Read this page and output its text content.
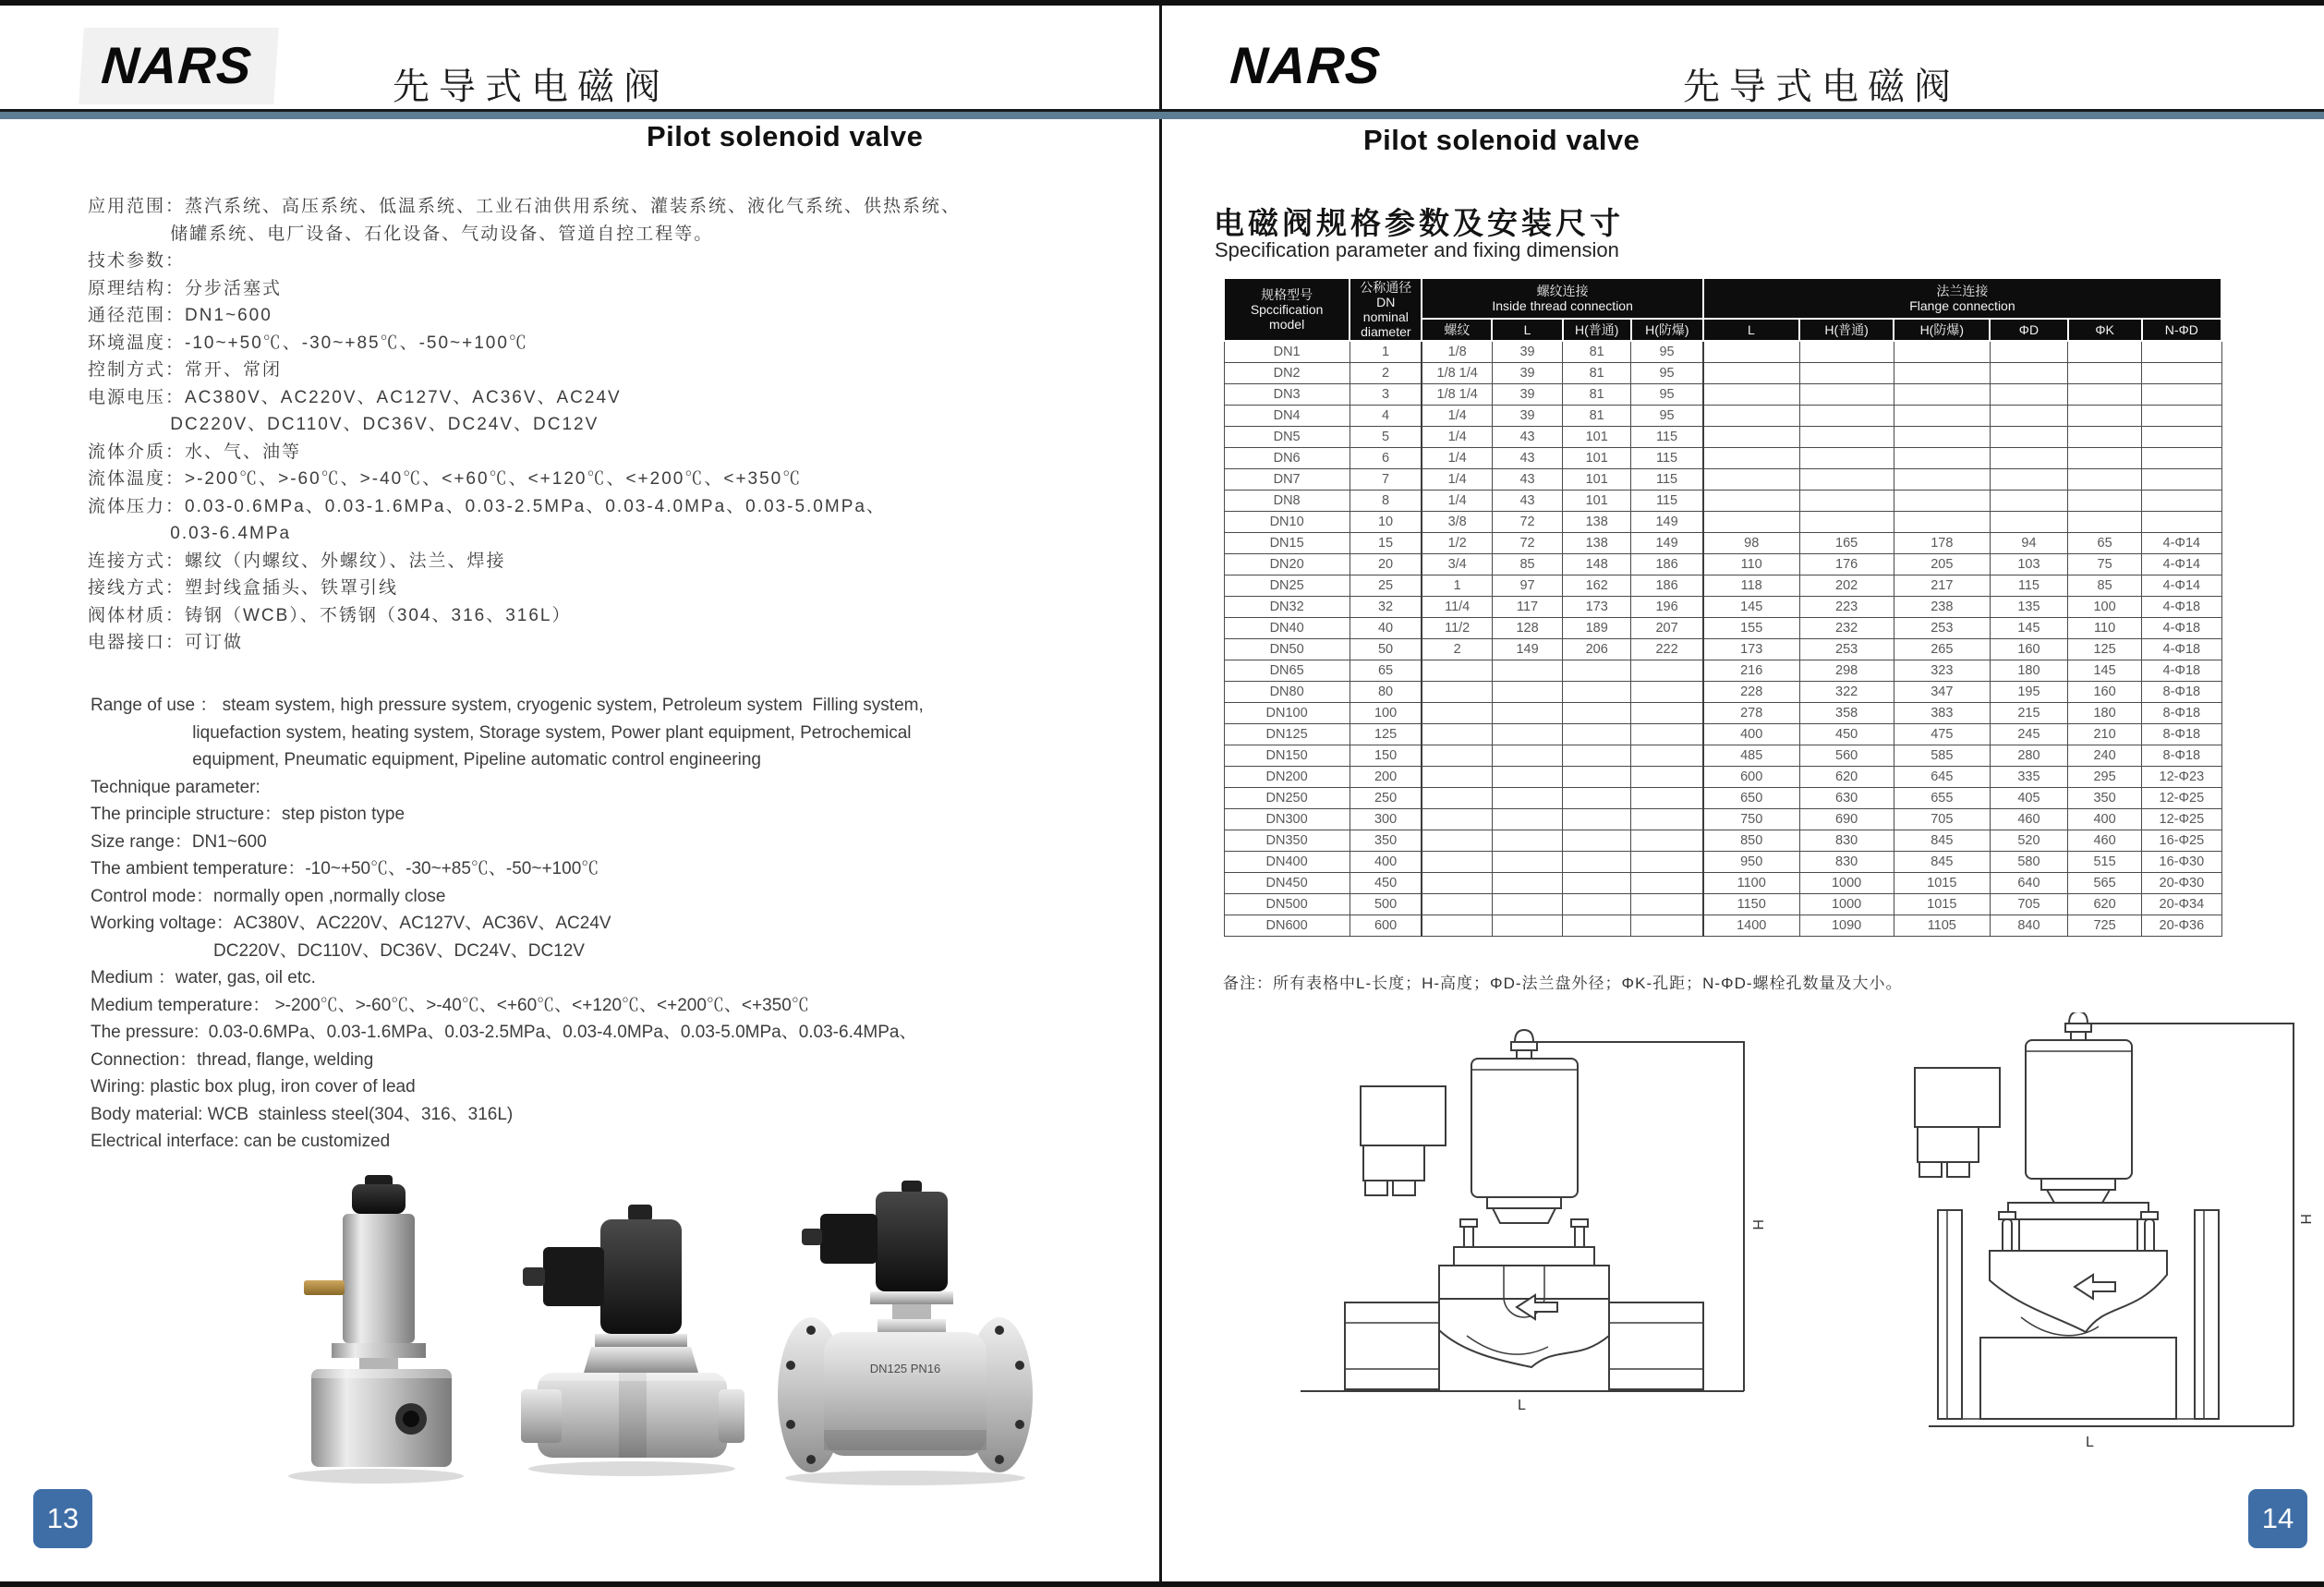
NARS	先导式电磁阀
Pilot solenoid valve
应用范围：蒸汽系统、高压系统、低温系统、工业石油供用系统、灌装系统、液化气系统、供热系统、
储罐系统、电厂设备、石化设备、气动设备、管道自控工程等。
技术参数：
原理结构：分步活塞式
通径范围：DN1~600
环境温度：-10~+50℃、-30~+85℃、-50~+100℃
控制方式：常开、常闭
电源电压：AC380V、AC220V、AC127V、AC36V、AC24V
DC220V、DC110V、DC36V、DC24V、DC12V
流体介质：水、气、油等
流体温度：>-200℃、>-60℃、>-40℃、<+60℃、<+120℃、<+200℃、<+350℃
流体压力：0.03-0.6MPa、0.03-1.6MPa、0.03-2.5MPa、0.03-4.0MPa、0.03-5.0MPa、
0.03-6.4MPa
连接方式：螺纹（内螺纹、外螺纹）、法兰、焊接
接线方式：塑封线盒插头、铁罩引线
阀体材质：铸钢（WCB）、不锈钢（304、316、316L）
电器接口：可订做
Range of use ： steam system, high pressure system, cryogenic system, Petroleum system  Filling system,
liquefaction system, heating system, Storage system, Power plant equipment, Petrochemical
equipment, Pneumatic equipment, Pipeline automatic control engineering
Technique parameter:
The principle structure：step piston type
Size range：DN1~600
The ambient temperature：-10~+50℃、-30~+85℃、-50~+100℃
Control mode：normally open ,normally close
Working voltage：AC380V、AC220V、AC127V、AC36V、AC24V
DC220V、DC110V、DC36V、DC24V、DC12V
Medium ：water, gas, oil etc.
Medium temperature： >-200℃、>-60℃、>-40℃、<+60℃、<+120℃、<+200℃、<+350℃
The pressure:  0.03-0.6MPa、0.03-1.6MPa、0.03-2.5MPa、0.03-4.0MPa、0.03-5.0MPa、0.03-6.4MPa、
Connection：thread, flange, welding
Wiring: plastic box plug, iron cover of lead
Body material: WCB  stainless steel(304、316、316L)
Electrical interface: can be customized
DN125 PN16
13
NARS	先导式电磁阀
Pilot solenoid valve
电磁阀规格参数及安装尺寸
Specification parameter and fixing dimension
规格型号
Spccification
model	公称通径
DN
nominal
diameter	螺纹连接
Inside thread connection				法兰连接
Flange connection					

		螺纹	L	H(普通)	H(防爆)	L	H(普通)	H(防爆)	ΦD	ΦK	N-ΦD
DN1	1	1/8	39	81	95						
DN2	2	1/8 1/4	39	81	95						
DN3	3	1/8 1/4	39	81	95						
DN4	4	1/4	39	81	95						
DN5	5	1/4	43	101	115						
DN6	6	1/4	43	101	115						
DN7	7	1/4	43	101	115						
DN8	8	1/4	43	101	115						
DN10	10	3/8	72	138	149						
DN15	15	1/2	72	138	149	98	165	178	94	65	4-Φ14
DN20	20	3/4	85	148	186	110	176	205	103	75	4-Φ14
DN25	25	1	97	162	186	118	202	217	115	85	4-Φ14
DN32	32	11/4	117	173	196	145	223	238	135	100	4-Φ18
DN40	40	11/2	128	189	207	155	232	253	145	110	4-Φ18
DN50	50	2	149	206	222	173	253	265	160	125	4-Φ18
DN65	65					216	298	323	180	145	4-Φ18
DN80	80					228	322	347	195	160	8-Φ18
DN100	100					278	358	383	215	180	8-Φ18
DN125	125					400	450	475	245	210	8-Φ18
DN150	150					485	560	585	280	240	8-Φ18
DN200	200					600	620	645	335	295	12-Φ23
DN250	250					650	630	655	405	350	12-Φ25
DN300	300					750	690	705	460	400	12-Φ25
DN350	350					850	830	845	520	460	16-Φ25
DN400	400					950	830	845	580	515	16-Φ30
DN450	450					1100	1000	1015	640	565	20-Φ30
DN500	500					1150	1000	1015	705	620	20-Φ34
DN600	600					1400	1090	1105	840	725	20-Φ36
备注：所有表格中L-长度；H-高度；ΦD-法兰盘外径；ΦK-孔距；N-ΦD-螺栓孔数量及大小。
H
L
H
L
14
